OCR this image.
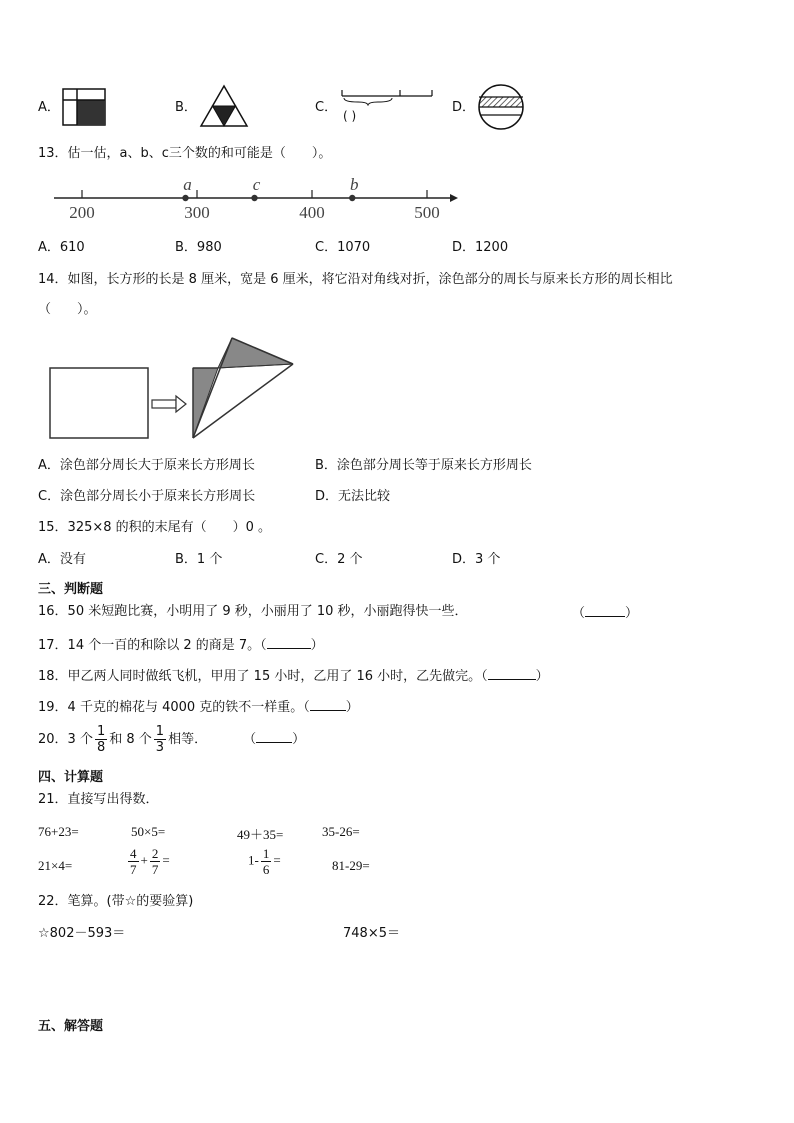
A．	B．	C．
( )
D．
13．估一估，a、b、c三个数的和可能是（　　）。
200	300	400	500
a	c	b
A．610	B．980	C．1070	D．1200
14．如图，长方形的长是 8 厘米，宽是 6 厘米，将它沿对角线对折，涂色部分的周长与原来长方形的周长相比
（　　）。
A．涂色部分周长大于原来长方形周长	B．涂色部分周长等于原来长方形周长
C．涂色部分周长小于原来长方形周长	D．无法比较
15．325×8 的积的末尾有（　　）0 。
A．没有	B．1 个	C．2 个	D．3 个
三、判断题
16．50 米短跑比赛，小明用了 9 秒，小丽用了 10 秒，小丽跑得快一些．	（	）
17．14 个一百的和除以 2 的商是 7。（	）
18．甲乙两人同时做纸飞机，甲用了 15 小时，乙用了 16 小时，乙先做完。（	）
19．4 千克的棉花与 4000 克的铁不一样重。（	）
20．3 个 $\frac{1}{8}$ 和 8 个 $\frac{1}{3}$ 相等．	（	）
四、计算题
21．直接写出得数．
76+23=	50×5=	49＋35=	35-26=
21×4=	$\frac{4}{7} + \frac{2}{7}$ =	$1- \frac{1}{6}$ =	81-29=
22．笔算。(带☆的要验算)
☆802－593＝	748×5＝
五、解答题
